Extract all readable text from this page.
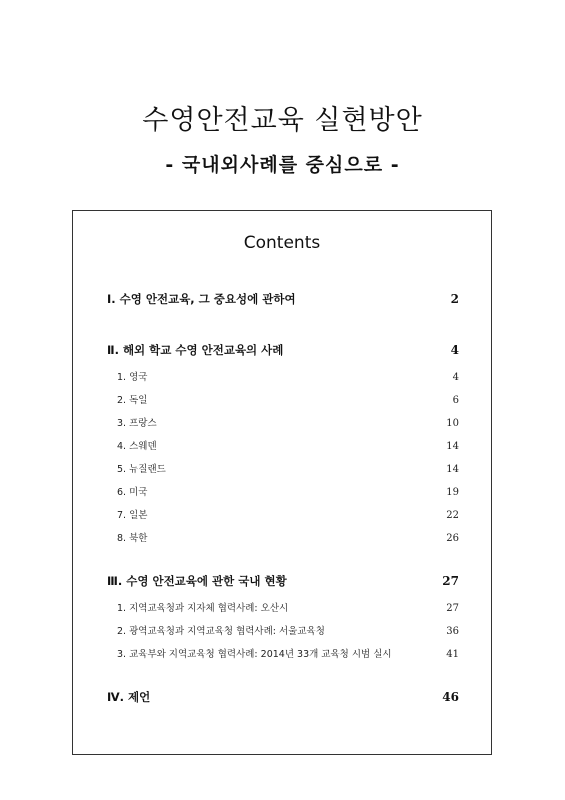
수영안전교육 실현방안
- 국내외사례를 중심으로 -
Contents
Ⅰ. 수영 안전교육, 그 중요성에 관하여	2
Ⅱ. 해외 학교 수영 안전교육의 사례	4
1. 영국	4
2. 독일	6
3. 프랑스	10
4. 스웨덴	14
5. 뉴질랜드	14
6. 미국	19
7. 일본	22
8. 북한	26
Ⅲ. 수영 안전교육에 관한 국내 현황	27
1. 지역교육청과 지자체 협력사례: 오산시	27
2. 광역교육청과 지역교육청 협력사례: 서울교육청	36
3. 교육부와 지역교육청 협력사례: 2014년 33개 교육청 시범 실시	41
Ⅳ. 제언	46
